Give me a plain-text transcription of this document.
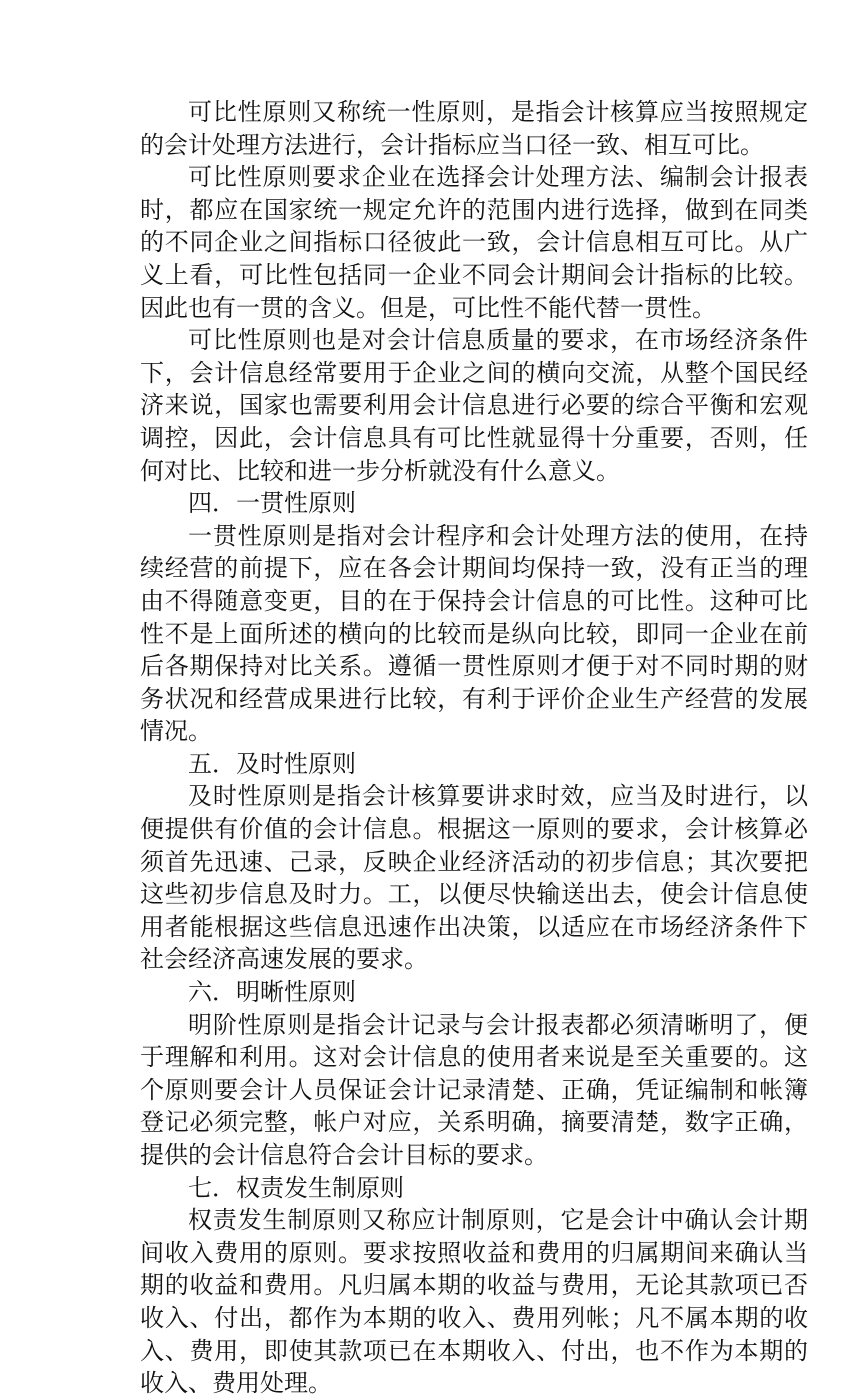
可比性原则又称统一性原则，是指会计核算应当按照规定的会计处理方法进行，会计指标应当口径一致、相互可比。

可比性原则要求企业在选择会计处理方法、编制会计报表时，都应在国家统一规定允许的范围内进行选择，做到在同类的不同企业之间指标口径彼此一致，会计信息相互可比。从广义上看，可比性包括同一企业不同会计期间会计指标的比较。因此也有一贯的含义。但是，可比性不能代替一贯性。

可比性原则也是对会计信息质量的要求，在市场经济条件下，会计信息经常要用于企业之间的横向交流，从整个国民经济来说，国家也需要利用会计信息进行必要的综合平衡和宏观调控，因此，会计信息具有可比性就显得十分重要，否则，任何对比、比较和进一步分析就没有什么意义。

四．一贯性原则

一贯性原则是指对会计程序和会计处理方法的使用，在持续经营的前提下，应在各会计期间均保持一致，没有正当的理由不得随意变更，目的在于保持会计信息的可比性。这种可比性不是上面所述的横向的比较而是纵向比较，即同一企业在前后各期保持对比关系。遵循一贯性原则才便于对不同时期的财务状况和经营成果进行比较，有利于评价企业生产经营的发展情况。

五．及时性原则

及时性原则是指会计核算要讲求时效，应当及时进行，以便提供有价值的会计信息。根据这一原则的要求，会计核算必须首先迅速、己录，反映企业经济活动的初步信息；其次要把这些初步信息及时力。工，以便尽快输送出去，使会计信息使用者能根据这些信息迅速作出决策，以适应在市场经济条件下社会经济高速发展的要求。

六．明晰性原则

明阶性原则是指会计记录与会计报表都必须清晰明了，便于理解和利用。这对会计信息的使用者来说是至关重要的。这个原则要会计人员保证会计记录清楚、正确，凭证编制和帐簿登记必须完整，帐户对应，关系明确，摘要清楚，数字正确，提供的会计信息符合会计目标的要求。

七．权责发生制原则

权责发生制原则又称应计制原则，它是会计中确认会计期间收入费用的原则。要求按照收益和费用的归属期间来确认当期的收益和费用。凡归属本期的收益与费用，无论其款项已否收入、付出，都作为本期的收入、费用列帐；凡不属本期的收入、费用，即使其款项已在本期收入、付出，也不作为本期的收入、费用处理。
